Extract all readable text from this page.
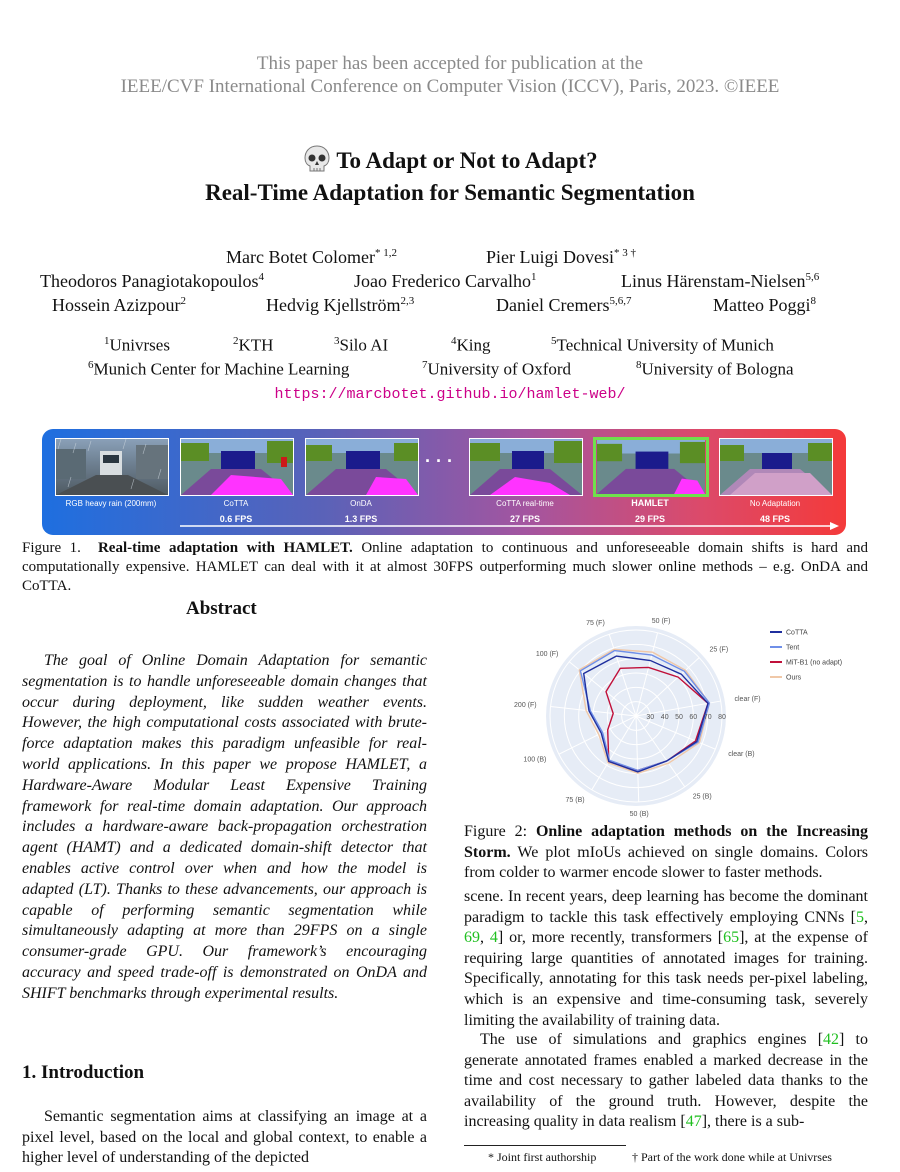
This paper has been accepted for publication at the
IEEE/CVF International Conference on Computer Vision (ICCV), Paris, 2023. ©IEEE
To Adapt or Not to Adapt?
Real-Time Adaptation for Semantic Segmentation
Marc Botet Colomer$^{* 1,2}$	Pier Luigi Dovesi$^{* 3 \dagger}$
Theodoros Panagiotakopoulos$^4$	Joao Frederico Carvalho$^1$	Linus Härenstam-Nielsen$^{5,6}$
Hossein Azizpour$^2$	Hedvig Kjellström$^{2,3}$	Daniel Cremers$^{5,6,7}$	Matteo Poggi$^8$
$^1$Univrses	$^2$KTH	$^3$Silo AI	$^4$King	$^5$Technical University of Munich
$^6$Munich Center for Machine Learning	$^7$University of Oxford	$^8$University of Bologna
https://marcbotet.github.io/hamlet-web/
· · ·
RGB heavy rain (200mm)	CoTTA	OnDA	CoTTA real-time	HAMLET	No Adaptation
0.6 FPS	1.3 FPS	27 FPS	29 FPS	48 FPS
Figure 1. Real-time adaptation with HAMLET. Online adaptation to continuous and unforeseeable domain shifts is hard and computationally expensive. HAMLET can deal with it at almost 30FPS outperforming much slower online methods – e.g. OnDA and CoTTA.
Abstract
The goal of Online Domain Adaptation for semantic segmentation is to handle unforeseeable domain changes that occur during deployment, like sudden weather events. However, the high computational costs associated with brute-force adaptation makes this paradigm unfeasible for real-world applications. In this paper we propose HAMLET, a Hardware-Aware Modular Least Expensive Training framework for real-time domain adaptation. Our approach includes a hardware-aware back-propagation orchestration agent (HAMT) and a dedicated domain-shift detector that enables active control over when and how the model is adapted (LT). Thanks to these advancements, our approach is capable of performing semantic segmentation while simultaneously adapting at more than 29FPS on a single consumer-grade GPU. Our framework’s encouraging accuracy and speed trade-off is demonstrated on OnDA and SHIFT benchmarks through experimental results.
1. Introduction
Semantic segmentation aims at classifying an image at a pixel level, based on the local and global context, to enable a higher level of understanding of the depicted
clear (F)
25 (F)
50 (F)
75 (F)
100 (F)
200 (F)
100 (B)
75 (B)
50 (B)
25 (B)
clear (B)
30 40 50 60 70 80
CoTTA
Tent
MiT-B1 (no adapt)
Ours
Figure 2: Online adaptation methods on the Increasing Storm. We plot mIoUs achieved on single domains. Colors from colder to warmer encode slower to faster methods.
scene. In recent years, deep learning has become the dominant paradigm to tackle this task effectively employing CNNs [5, 69, 4] or, more recently, transformers [65], at the expense of requiring large quantities of annotated images for training. Specifically, annotating for this task needs per-pixel labeling, which is an expensive and time-consuming task, severely limiting the availability of training data.
The use of simulations and graphics engines [42] to generate annotated frames enabled a marked decrease in the time and cost necessary to gather labeled data thanks to the availability of the ground truth. However, despite the increasing quality in data realism [47], there is a sub-
* Joint first authorship	† Part of the work done while at Univrses
